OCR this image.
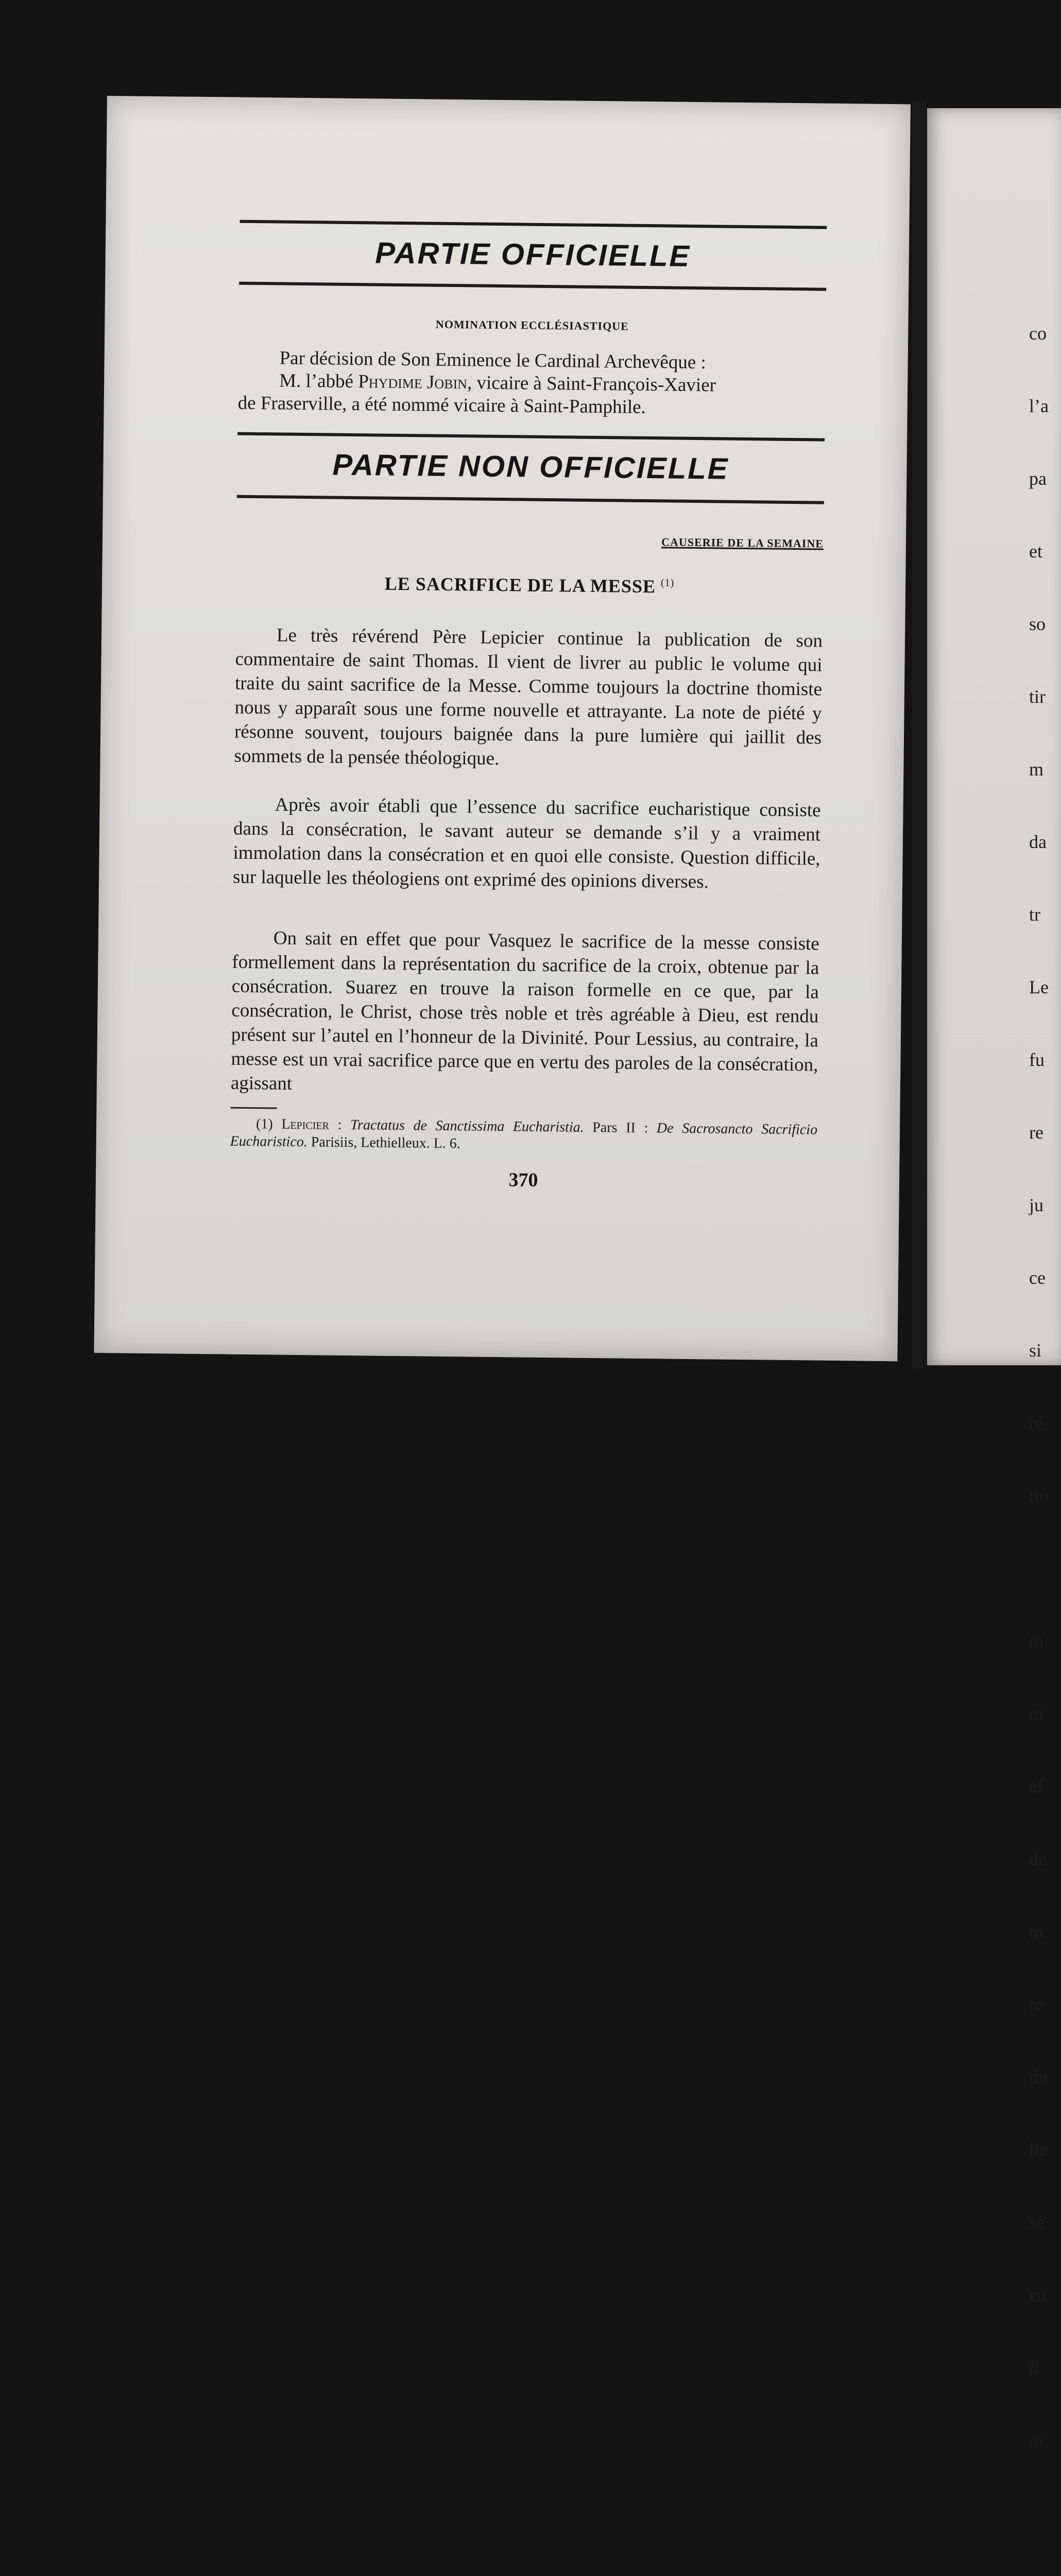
co

l’a

pa

et

so

tir

m

da

tr

Le

fu

re

ju

ce

si

ré

tio

m

ni

ef

de

m

re

du

lie

sé

eu

fi

in

PARTIE OFFICIELLE
NOMINATION ECCLÉSIASTIQUE
Par décision de Son Eminence le Cardinal Archevêque :
M. l’abbé Phydime Jobin, vicaire à Saint-François-Xavier
de Fraserville, a été nommé vicaire à Saint-Pamphile.
PARTIE NON OFFICIELLE
CAUSERIE DE LA SEMAINE
LE SACRIFICE DE LA MESSE $^{(1)}$
Le très révérend Père Lepicier continue la publication de son commentaire de saint Thomas. Il vient de livrer au public le volume qui traite du saint sacrifice de la Messe. Comme toujours la doctrine thomiste nous y apparaît sous une forme nouvelle et attrayante. La note de piété y résonne souvent, toujours baignée dans la pure lumière qui jaillit des sommets de la pensée théologique.
Après avoir établi que l’essence du sacrifice eucharistique consiste dans la consécration, le savant auteur se demande s’il y a vraiment immolation dans la consécration et en quoi elle consiste. Question difficile, sur laquelle les théologiens ont exprimé des opinions diverses.
On sait en effet que pour Vasquez le sacrifice de la messe consiste formellement dans la représentation du sacrifice de la croix, obtenue par la consécration. Suarez en trouve la raison formelle en ce que, par la consécration, le Christ, chose très noble et très agréable à Dieu, est rendu présent sur l’autel en l’honneur de la Divinité. Pour Lessius, au contraire, la messe est un vrai sacrifice parce que en vertu des paroles de la consécration, agissant
(1) Lepicier : Tractatus de Sanctissima Eucharistia. Pars II : De Sacrosancto Sacrificio Eucharistico. Parisiis, Lethielleux. L. 6.
370
